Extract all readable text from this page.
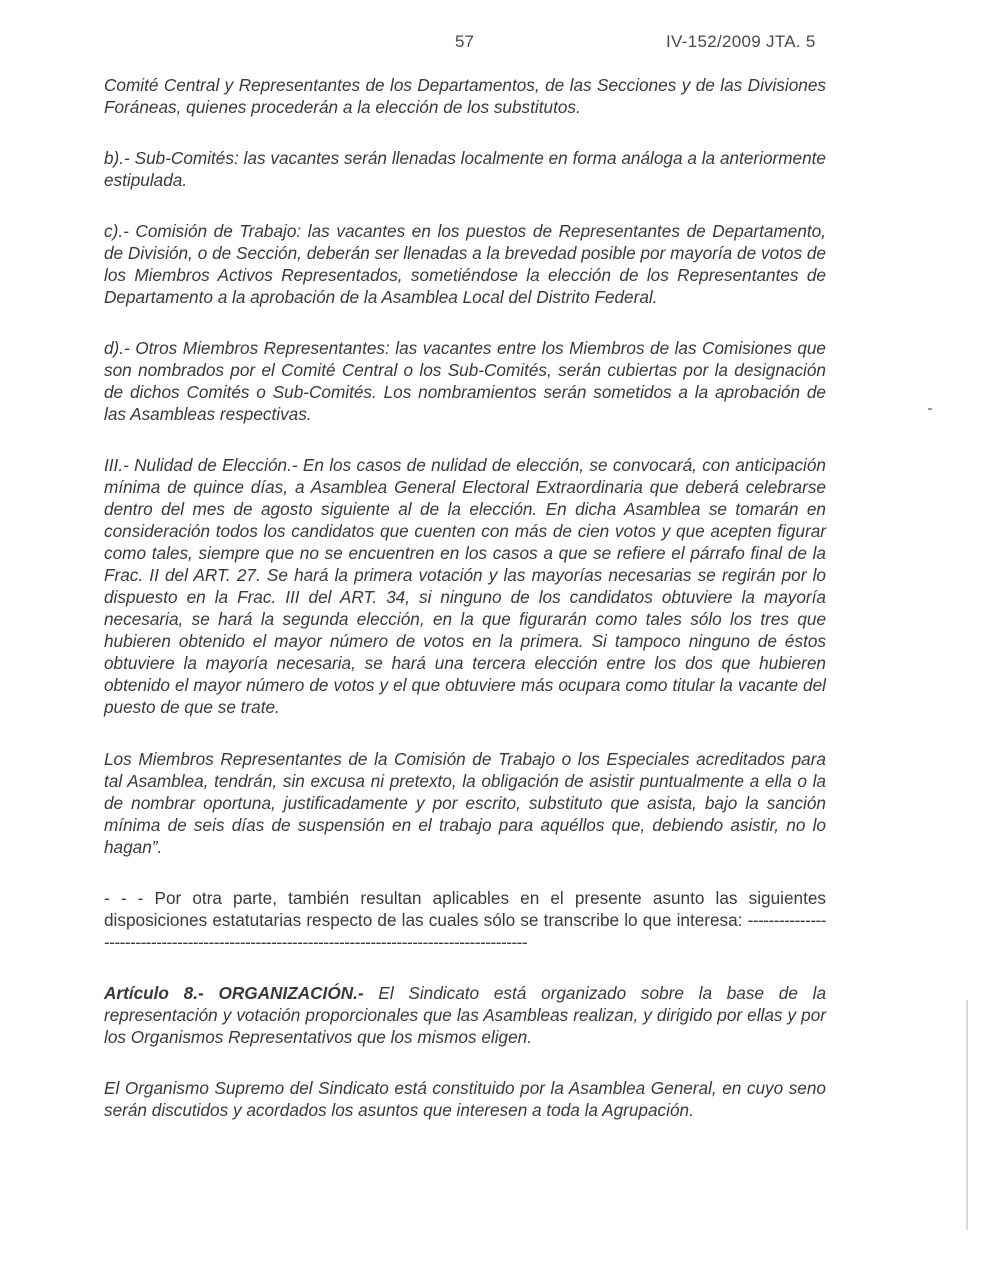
57	IV-152/2009 JTA. 5

Comité Central y Representantes de los Departamentos, de las Secciones y de las Divisiones Foráneas, quienes procederán a la elección de los substitutos.

b).- Sub-Comités: las vacantes serán llenadas localmente en forma análoga a la anteriormente estipulada.

c).- Comisión de Trabajo: las vacantes en los puestos de Representantes de Departamento, de División, o de Sección, deberán ser llenadas a la brevedad posible por mayoría de votos de los Miembros Activos Representados, sometiéndose la elección de los Representantes de Departamento a la aprobación de la Asamblea Local del Distrito Federal.

d).- Otros Miembros Representantes: las vacantes entre los Miembros de las Comisiones que son nombrados por el Comité Central o los Sub-Comités, serán cubiertas por la designación de dichos Comités o Sub-Comités. Los nombramientos serán sometidos a la aprobación de las Asambleas respectivas.

III.- Nulidad de Elección.- En los casos de nulidad de elección, se convocará, con anticipación mínima de quince días, a Asamblea General Electoral Extraordinaria que deberá celebrarse dentro del mes de agosto siguiente al de la elección. En dicha Asamblea se tomarán en consideración todos los candidatos que cuenten con más de cien votos y que acepten figurar como tales, siempre que no se encuentren en los casos a que se refiere el párrafo final de la Frac. II del ART. 27. Se hará la primera votación y las mayorías necesarias se regirán por lo dispuesto en la Frac. III del ART. 34, si ninguno de los candidatos obtuviere la mayoría necesaria, se hará la segunda elección, en la que figurarán como tales sólo los tres que hubieren obtenido el mayor número de votos en la primera. Si tampoco ninguno de éstos obtuviere la mayoría necesaria, se hará una tercera elección entre los dos que hubieren obtenido el mayor número de votos y el que obtuviere más ocupara como titular la vacante del puesto de que se trate.

Los Miembros Representantes de la Comisión de Trabajo o los Especiales acreditados para tal Asamblea, tendrán, sin excusa ni pretexto, la obligación de asistir puntualmente a ella o la de nombrar oportuna, justificadamente y por escrito, substituto que asista, bajo la sanción mínima de seis días de suspensión en el trabajo para aquéllos que, debiendo asistir, no lo hagan”.

- - - Por otra parte, también resultan aplicables en el presente asunto las siguientes disposiciones estatutarias respecto de las cuales sólo se transcribe lo que interesa: ------------------------------------------------------------------------------------------------

Artículo 8.- ORGANIZACIÓN.- El Sindicato está organizado sobre la base de la representación y votación proporcionales que las Asambleas realizan, y dirigido por ellas y por los Organismos Representativos que los mismos eligen.

El Organismo Supremo del Sindicato está constituido por la Asamblea General, en cuyo seno serán discutidos y acordados los asuntos que interesen a toda la Agrupación.
